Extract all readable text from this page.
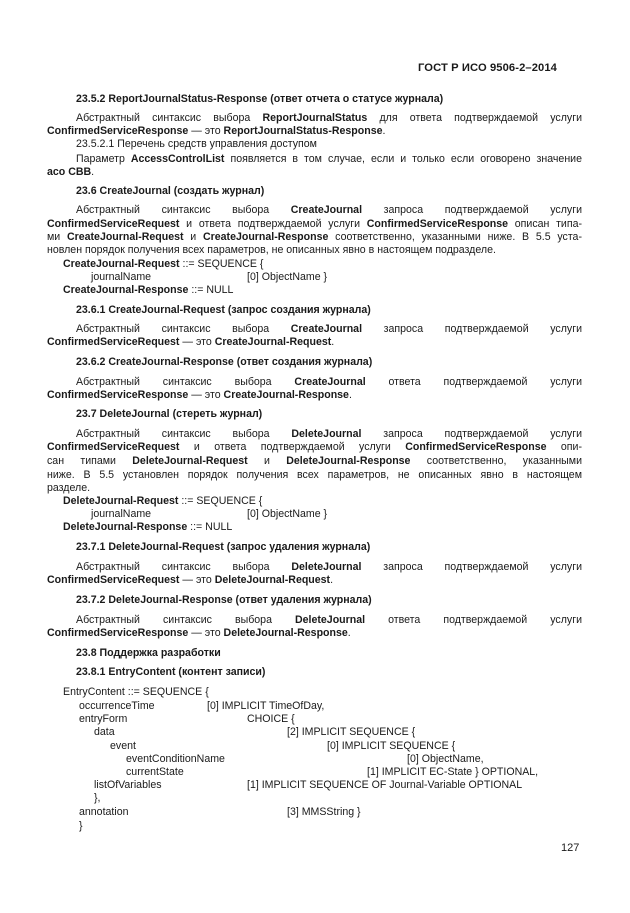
ГОСТ Р ИСО 9506-2–2014
23.5.2 ReportJournalStatus-Response (ответ отчета о статусе журнала)
Абстрактный синтаксис выбора ReportJournalStatus для ответа подтверждаемой услуги
ConfirmedServiceResponse — это ReportJournalStatus-Response.
23.5.2.1 Перечень средств управления доступом
Параметр AccessControlList появляется в том случае, если и только если оговорено значение
aco CBB.
23.6 CreateJournal (создать журнал)
Абстрактный синтаксис выбора CreateJournal запроса подтверждаемой услуги
ConfirmedServiceRequest и ответа подтверждаемой услуги ConfirmedServiceResponse описан типа-
ми CreateJournal-Request и CreateJournal-Response соответственно, указанными ниже. В 5.5 уста-
новлен порядок получения всех параметров, не описанных явно в настоящем подразделе.
CreateJournal-Request ::= SEQUENCE {
journalName	[0] ObjectName }
CreateJournal-Response ::= NULL
23.6.1 CreateJournal-Request (запрос создания журнала)
Абстрактный синтаксис выбора CreateJournal запроса подтверждаемой услуги
ConfirmedServiceRequest — это CreateJournal-Request.
23.6.2 CreateJournal-Response (ответ создания журнала)
Абстрактный синтаксис выбора CreateJournal ответа подтверждаемой услуги
ConfirmedServiceResponse — это CreateJournal-Response.
23.7 DeleteJournal (стереть журнал)
Абстрактный синтаксис выбора DeleteJournal запроса подтверждаемой услуги
ConfirmedServiceRequest и ответа подтверждаемой услуги ConfirmedServiceResponse опи-
сан типами DeleteJournal-Request и DeleteJournal-Response соответственно, указанными
ниже. В 5.5 установлен порядок получения всех параметров, не описанных явно в настоящем
разделе.
DeleteJournal-Request ::= SEQUENCE {
journalName	[0] ObjectName }
DeleteJournal-Response ::= NULL
23.7.1 DeleteJournal-Request (запрос удаления журнала)
Абстрактный синтаксис выбора DeleteJournal запроса подтверждаемой услуги
ConfirmedServiceRequest — это DeleteJournal-Request.
23.7.2 DeleteJournal-Response (ответ удаления журнала)
Абстрактный синтаксис выбора DeleteJournal ответа подтверждаемой услуги
ConfirmedServiceResponse — это DeleteJournal-Response.
23.8 Поддержка разработки
23.8.1 EntryContent (контент записи)
EntryContent ::= SEQUENCE {
occurrenceTime	[0] IMPLICIT TimeOfDay,
entryForm	CHOICE {
data	[2] IMPLICIT SEQUENCE {
event	[0] IMPLICIT SEQUENCE {
eventConditionName	[0] ObjectName,
currentState	[1] IMPLICIT EC-State } OPTIONAL,
listOfVariables	[1] IMPLICIT SEQUENCE OF Journal-Variable OPTIONAL
},
annotation	[3] MMSString }
}
127
